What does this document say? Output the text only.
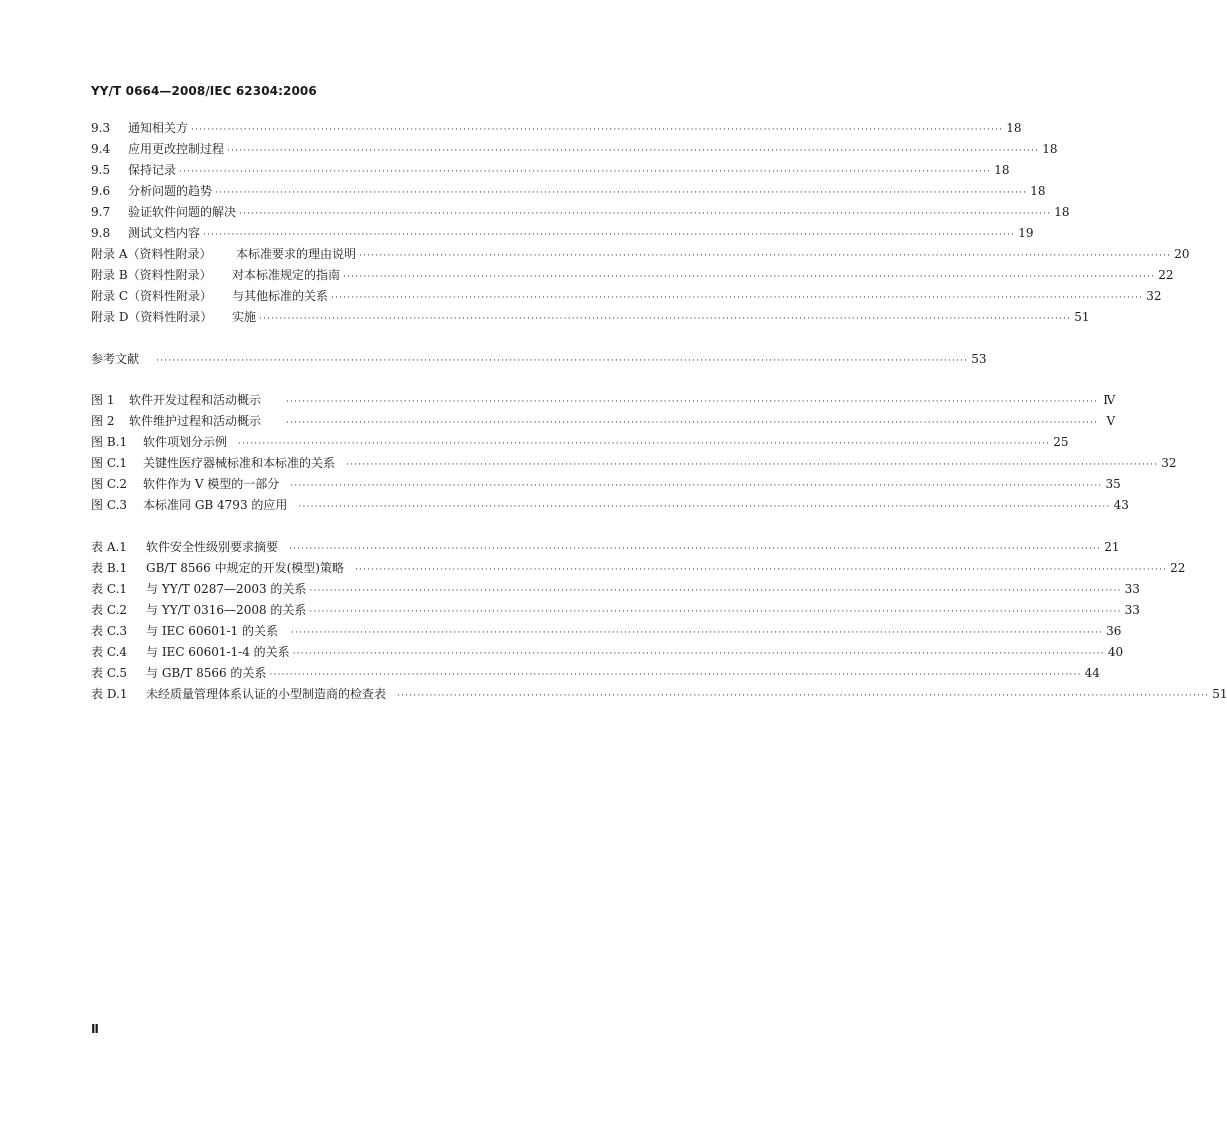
YY/T 0664—2008/IEC 62304:2006
9.3	通知相关方 ········································································································································································································ 18
9.4	应用更改控制过程 ········································································································································································································ 18
9.5	保持记录 ········································································································································································································ 18
9.6	分析问题的趋势 ········································································································································································································ 18
9.7	验证软件问题的解决 ········································································································································································································ 18
9.8	测试文档内容 ········································································································································································································ 19
附录 A（资料性附录）	本标准要求的理由说明 ········································································································································································································ 20
附录 B（资料性附录）	对本标准规定的指南 ········································································································································································································ 22
附录 C（资料性附录）	与其他标准的关系 ········································································································································································································ 32
附录 D（资料性附录）	实施 ········································································································································································································ 51
参考文献	········································································································································································································ 53
图 1	软件开发过程和活动概示	········································································································································································································ Ⅳ
图 2	软件维护过程和活动概示	········································································································································································································ Ⅴ
图 B.1	软件项划分示例	········································································································································································································ 25
图 C.1	关键性医疗器械标准和本标准的关系	········································································································································································································ 32
图 C.2	软件作为 V 模型的一部分	········································································································································································································ 35
图 C.3	本标准同 GB 4793 的应用	········································································································································································································ 43
表 A.1	软件安全性级别要求摘要	········································································································································································································ 21
表 B.1	GB/T 8566 中规定的开发(模型)策略	········································································································································································································ 22
表 C.1	与 YY/T 0287—2003 的关系 ········································································································································································································ 33
表 C.2	与 YY/T 0316—2008 的关系 ········································································································································································································ 33
表 C.3	与 IEC 60601-1 的关系	········································································································································································································ 36
表 C.4	与 IEC 60601-1-4 的关系 ········································································································································································································ 40
表 C.5	与 GB/T 8566 的关系 ········································································································································································································ 44
表 D.1	未经质量管理体系认证的小型制造商的检查表	········································································································································································································ 51
Ⅱ
